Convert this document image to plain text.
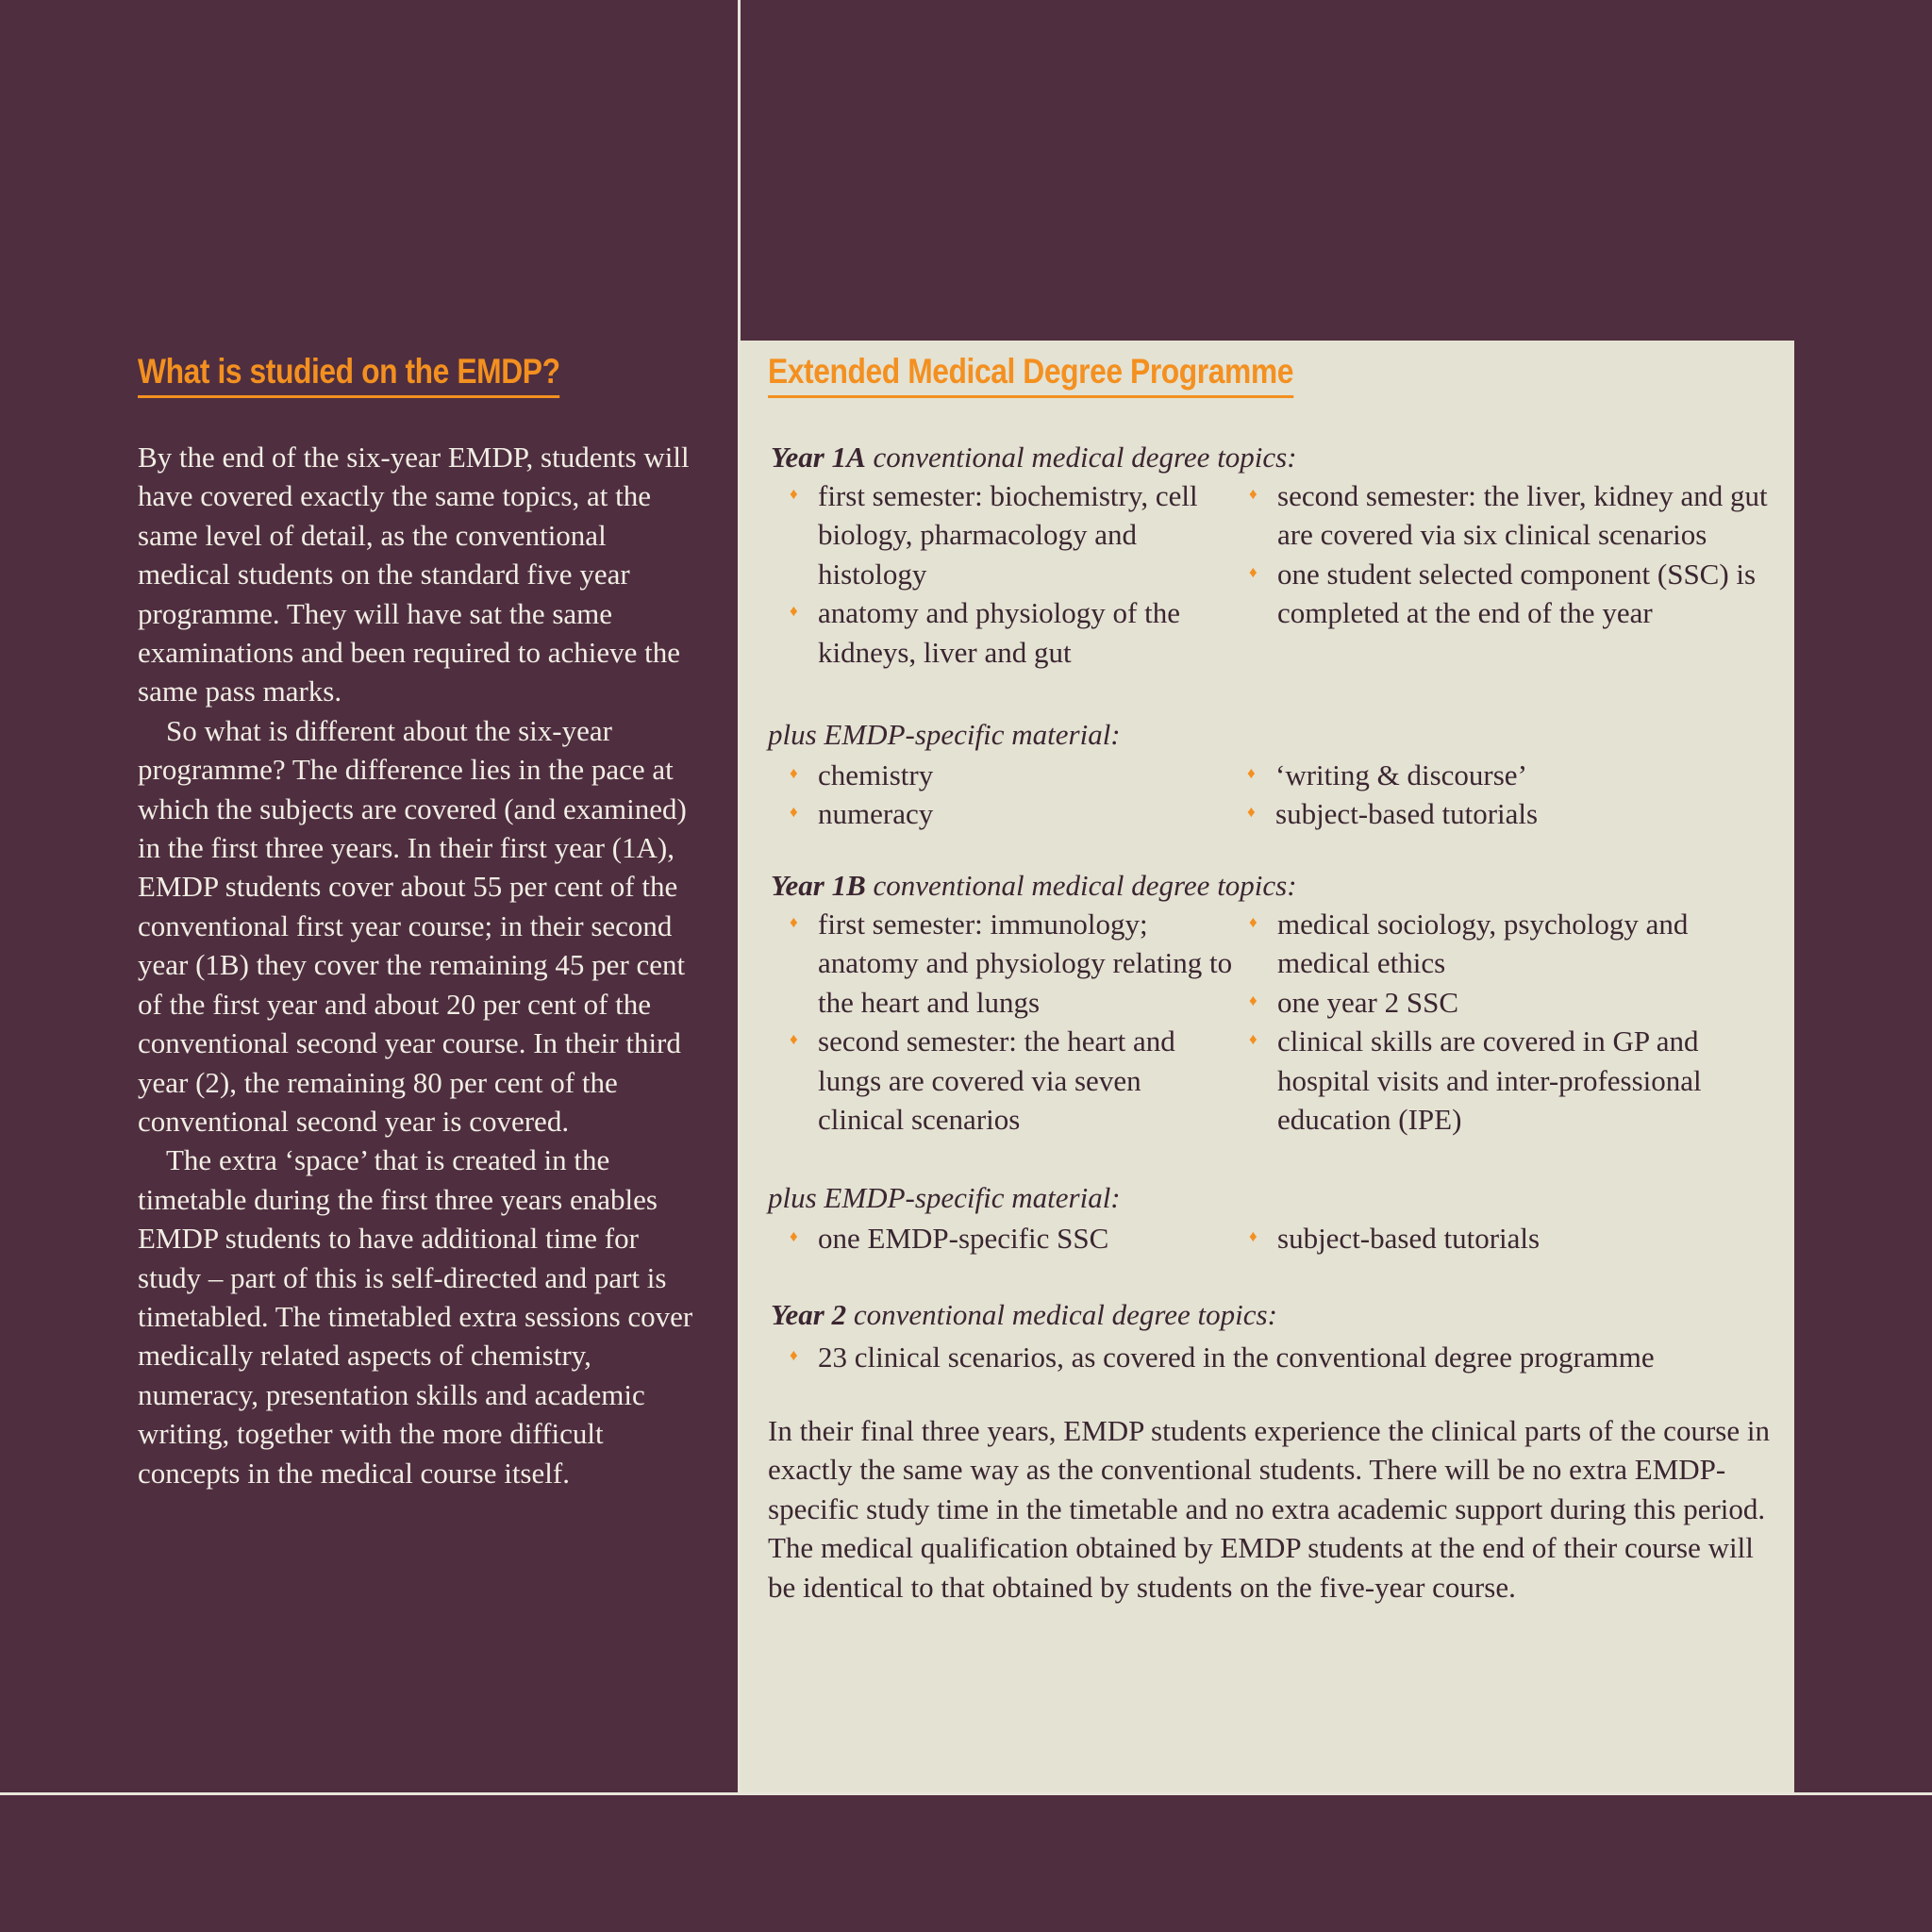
What is studied on the EMDP?

By the end of the six-year EMDP, students will have covered exactly the same topics, at the same level of detail, as the conventional medical students on the standard five year programme. They will have sat the same examinations and been required to achieve the same pass marks.

So what is different about the six-year programme? The difference lies in the pace at which the subjects are covered (and examined) in the first three years. In their first year (1A), EMDP students cover about 55 per cent of the conventional first year course; in their second year (1B) they cover the remaining 45 per cent of the first year and about 20 per cent of the conventional second year course. In their third year (2), the remaining 80 per cent of the conventional second year is covered.

The extra ‘space’ that is created in the timetable during the first three years enables EMDP students to have additional time for study – part of this is self-directed and part is timetabled. The timetabled extra sessions cover medically related aspects of chemistry, numeracy, presentation skills and academic writing, together with the more difficult concepts in the medical course itself.

Extended Medical Degree Programme

Year 1A conventional medical degree topics:

♦ first semester: biochemistry, cell biology, pharmacology and histology
♦ anatomy and physiology of the kidneys, liver and gut
♦ second semester: the liver, kidney and gut are covered via six clinical scenarios
♦ one student selected component (SSC) is completed at the end of the year

plus EMDP-specific material:

♦ chemistry
♦ numeracy
♦ ‘writing & discourse’
♦ subject-based tutorials

Year 1B conventional medical degree topics:

♦ first semester: immunology; anatomy and physiology relating to the heart and lungs
♦ second semester: the heart and lungs are covered via seven clinical scenarios
♦ medical sociology, psychology and medical ethics
♦ one year 2 SSC
♦ clinical skills are covered in GP and hospital visits and inter-professional education (IPE)

plus EMDP-specific material:

♦ one EMDP-specific SSC
♦	subject-based tutorials

Year 2 conventional medical degree topics:

♦ 23 clinical scenarios, as covered in the conventional degree programme

In their final three years, EMDP students experience the clinical parts of the course in exactly the same way as the conventional students. There will be no extra EMDP-specific study time in the timetable and no extra academic support during this period. The medical qualification obtained by EMDP students at the end of their course will be identical to that obtained by students on the five-year course.
